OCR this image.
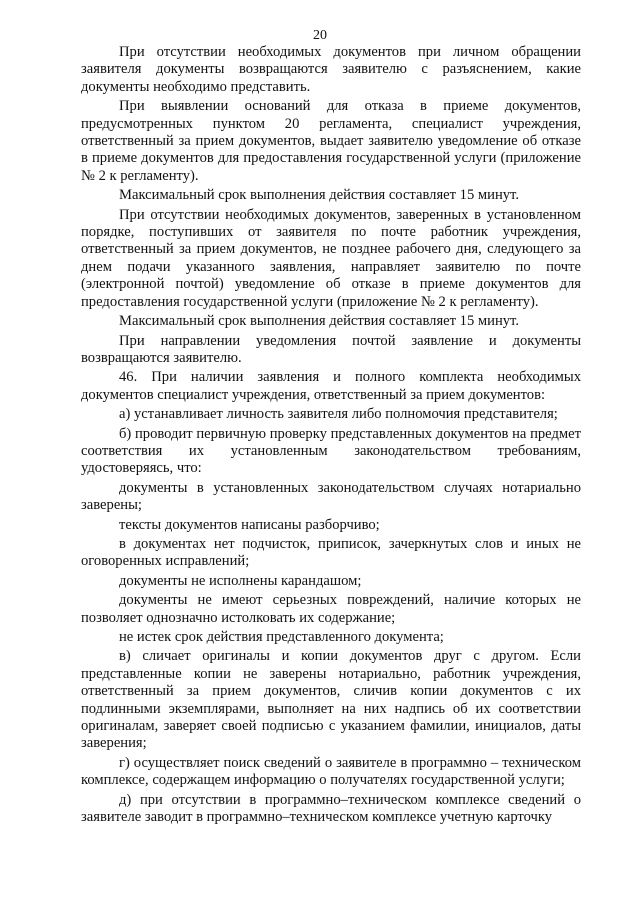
20

При отсутствии необходимых документов при личном обращении заявителя документы возвращаются заявителю с разъяснением, какие документы необходимо представить.

При выявлении оснований для отказа в приеме документов, предусмотренных пунктом 20 регламента, специалист учреждения, ответственный за прием документов, выдает заявителю уведомление об отказе в приеме документов для предоставления государственной услуги (приложение № 2 к регламенту).

Максимальный срок выполнения действия составляет 15 минут.

При отсутствии необходимых документов, заверенных в установленном порядке, поступивших от заявителя по почте работник учреждения, ответственный за прием документов, не позднее рабочего дня, следующего за днем подачи указанного заявления, направляет заявителю по почте (электронной почтой) уведомление об отказе в приеме документов для предоставления государственной услуги (приложение № 2 к регламенту).

Максимальный срок выполнения действия составляет 15 минут.

При направлении уведомления почтой заявление и документы возвращаются заявителю.

46. При наличии заявления и полного комплекта необходимых документов специалист учреждения, ответственный за прием документов:

а) устанавливает личность заявителя либо полномочия представителя;

б) проводит первичную проверку представленных документов на предмет соответствия их установленным законодательством требованиям, удостоверяясь, что:

документы в установленных законодательством случаях нотариально заверены;

тексты документов написаны разборчиво;

в документах нет подчисток, приписок, зачеркнутых слов и иных не оговоренных исправлений;

документы не исполнены карандашом;

документы не имеют серьезных повреждений, наличие которых не позволяет однозначно истолковать их содержание;

не истек срок действия представленного документа;

в) сличает оригиналы и копии документов друг с другом. Если представленные копии не заверены нотариально, работник учреждения, ответственный за прием документов, сличив копии документов с их подлинными экземплярами, выполняет на них надпись об их соответствии оригиналам, заверяет своей подписью с указанием фамилии, инициалов, даты заверения;

г) осуществляет поиск сведений о заявителе в программно – техническом комплексе, содержащем информацию о получателях государственной услуги;

д) при отсутствии в программно–техническом комплексе сведений о заявителе заводит в программно–техническом комплексе учетную карточку
